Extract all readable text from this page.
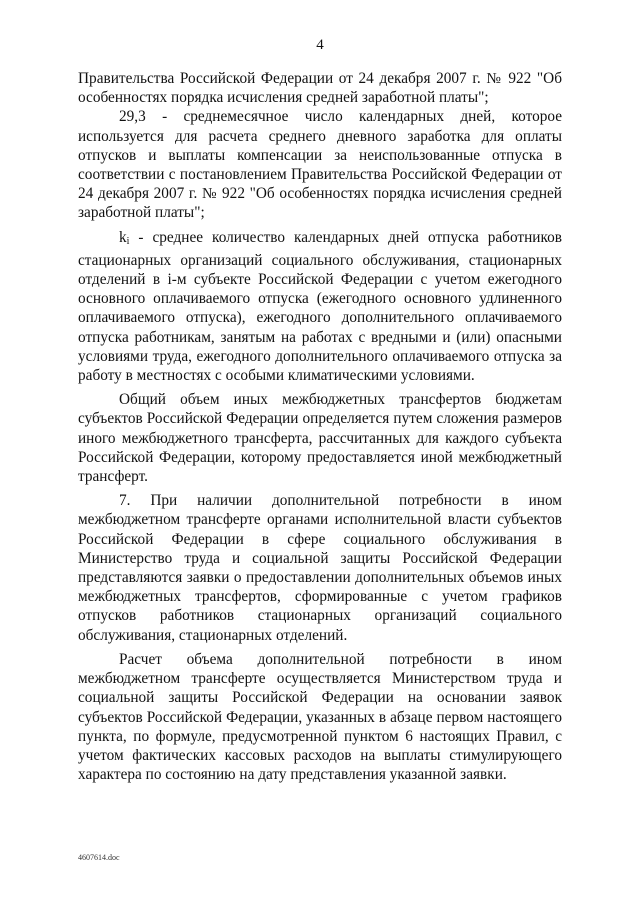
4

Правительства Российской Федерации от 24 декабря 2007 г. № 922 "Об особенностях порядка исчисления средней заработной платы";

29,3 - среднемесячное число календарных дней, которое используется для расчета среднего дневного заработка для оплаты отпусков и выплаты компенсации за неиспользованные отпуска в соответствии с постановлением Правительства Российской Федерации от 24 декабря 2007 г. № 922 "Об особенностях порядка исчисления средней заработной платы";

$k_i$ - среднее количество календарных дней отпуска работников стационарных организаций социального обслуживания, стационарных отделений в i-м субъекте Российской Федерации с учетом ежегодного основного оплачиваемого отпуска (ежегодного основного удлиненного оплачиваемого отпуска), ежегодного дополнительного оплачиваемого отпуска работникам, занятым на работах с вредными и (или) опасными условиями труда, ежегодного дополнительного оплачиваемого отпуска за работу в местностях с особыми климатическими условиями.

Общий объем иных межбюджетных трансфертов бюджетам субъектов Российской Федерации определяется путем сложения размеров иного межбюджетного трансферта, рассчитанных для каждого субъекта Российской Федерации, которому предоставляется иной межбюджетный трансферт.

7. При наличии дополнительной потребности в ином межбюджетном трансферте органами исполнительной власти субъектов Российской Федерации в сфере социального обслуживания в Министерство труда и социальной защиты Российской Федерации представляются заявки о предоставлении дополнительных объемов иных межбюджетных трансфертов, сформированные с учетом графиков отпусков работников стационарных организаций социального обслуживания, стационарных отделений.

Расчет объема дополнительной потребности в ином межбюджетном трансферте осуществляется Министерством труда и социальной защиты Российской Федерации на основании заявок субъектов Российской Федерации, указанных в абзаце первом настоящего пункта, по формуле, предусмотренной пунктом 6 настоящих Правил, с учетом фактических кассовых расходов на выплаты стимулирующего характера по состоянию на дату представления указанной заявки.

4607614.doc
